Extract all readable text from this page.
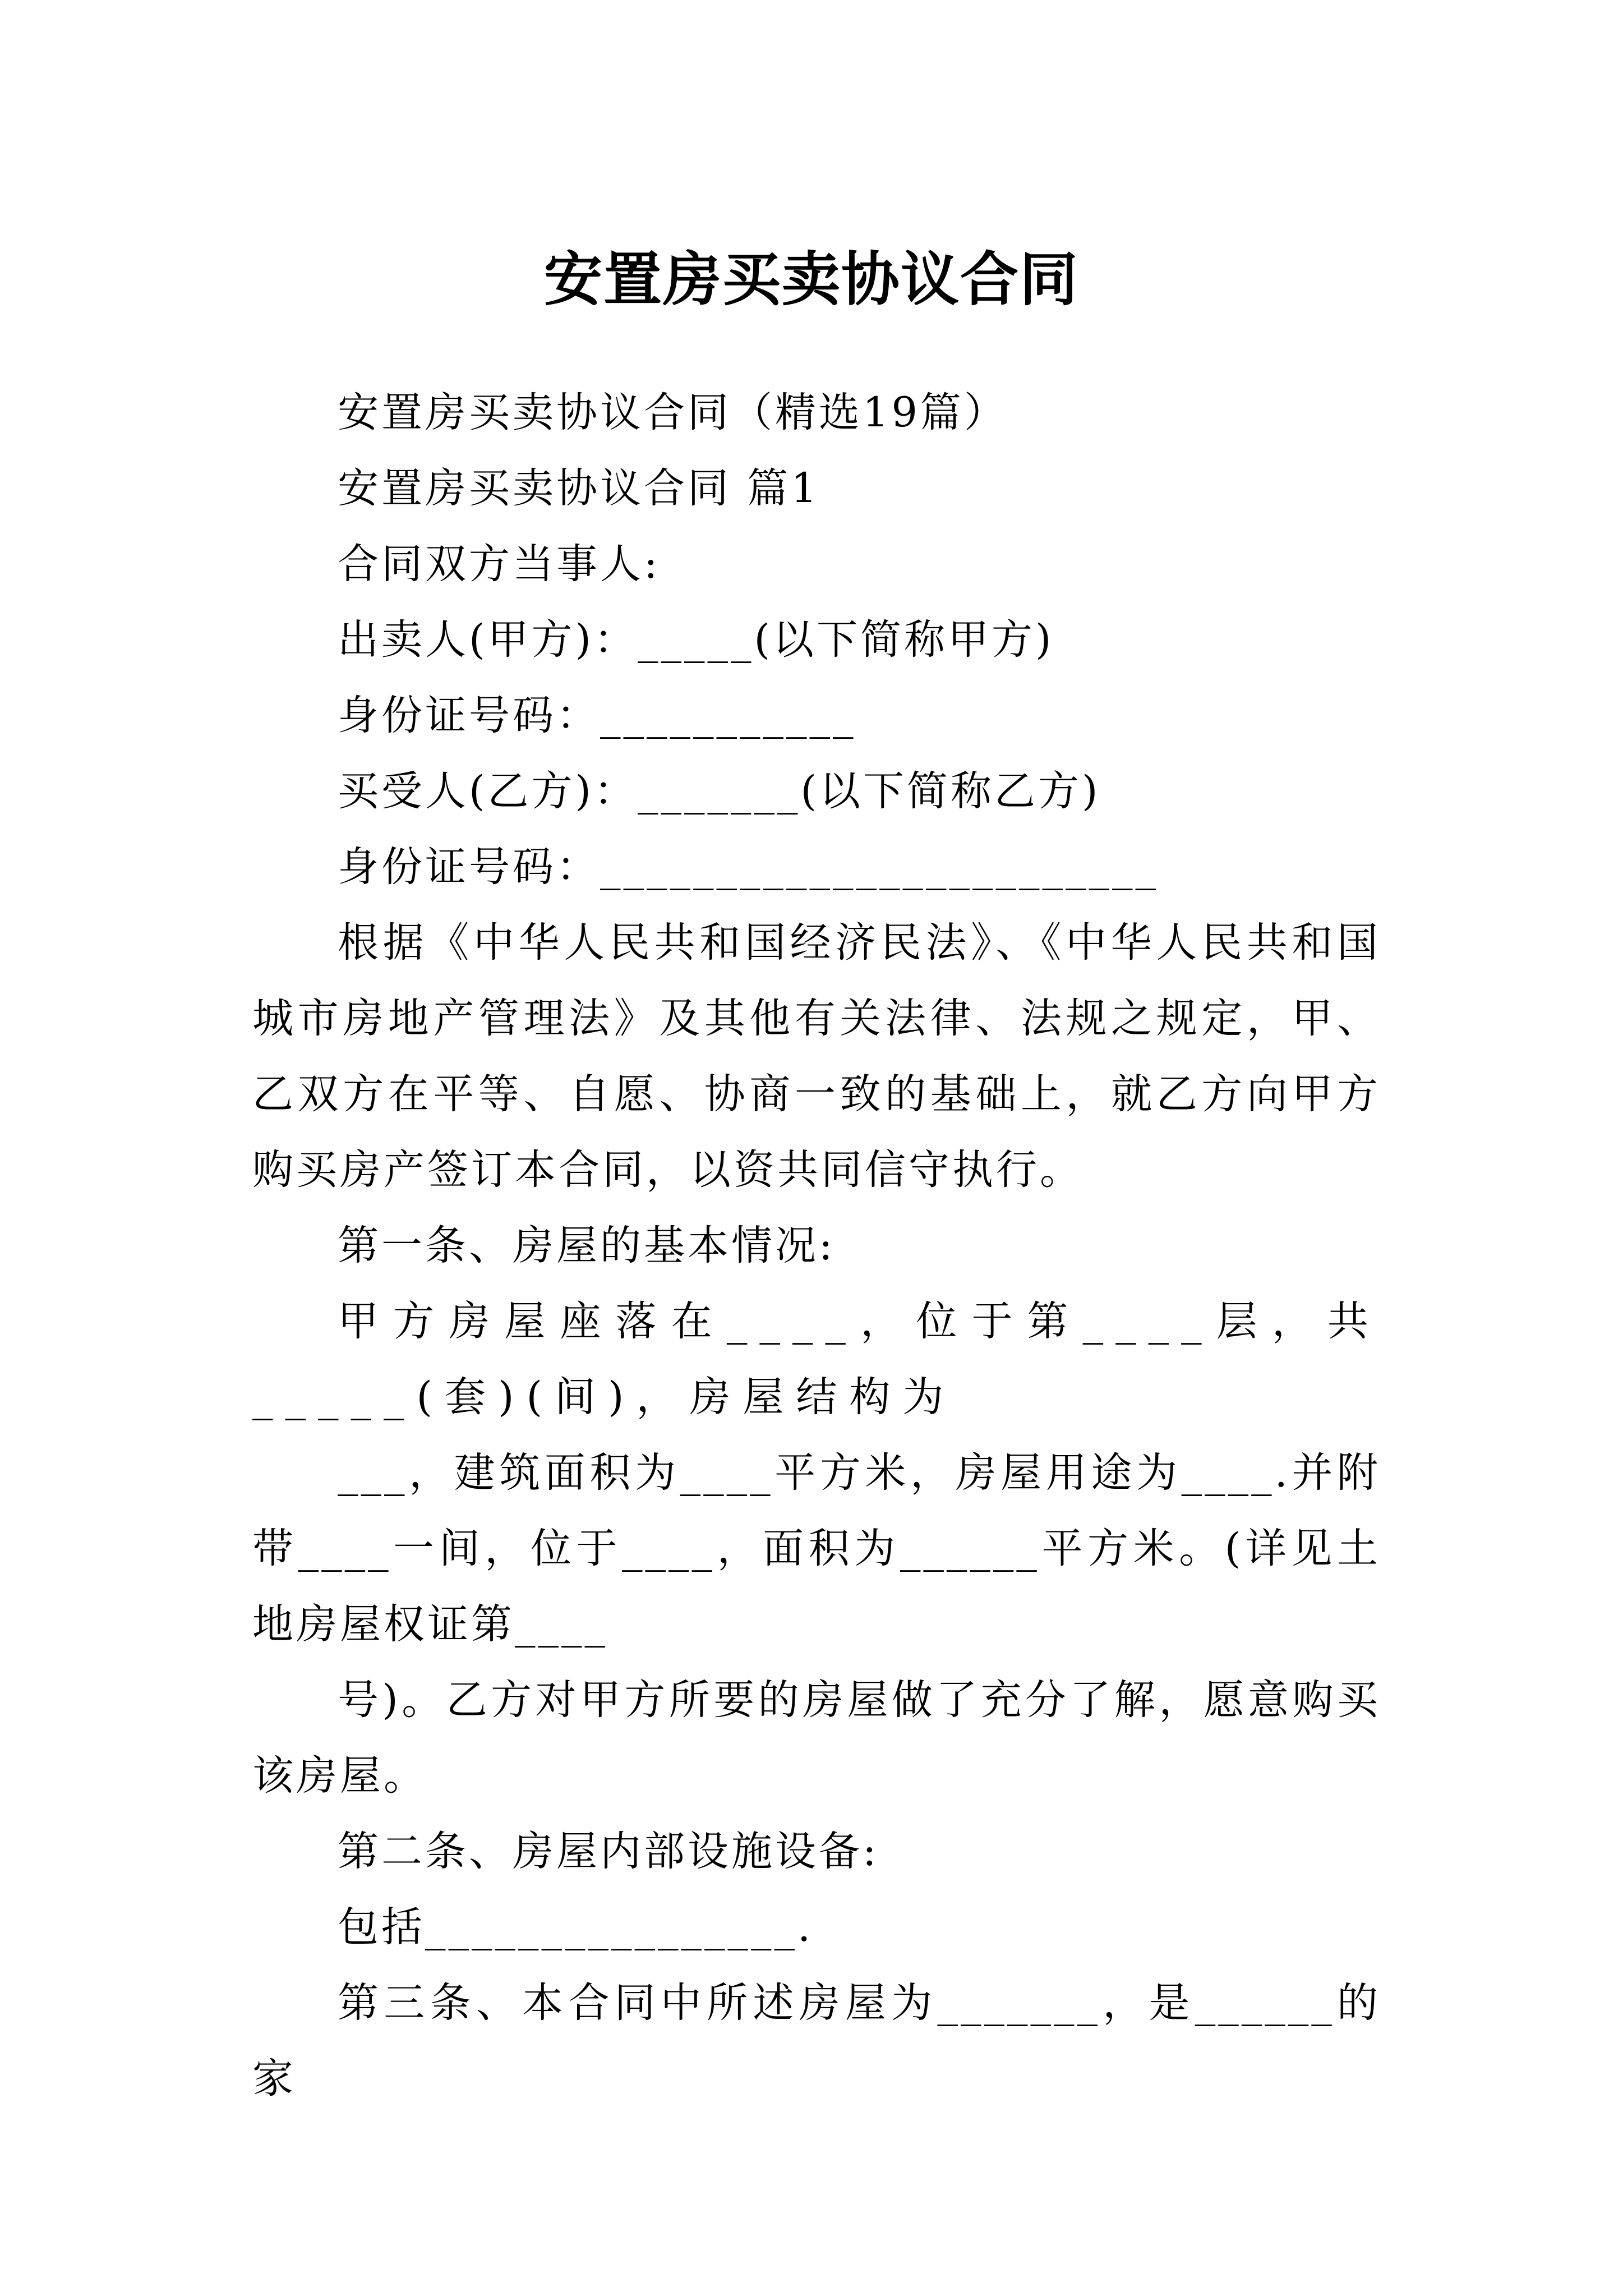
安置房买卖协议合同

安置房买卖协议合同（精选19篇）

安置房买卖协议合同 篇1

合同双方当事人:

出卖人(甲方)：_____(以下简称甲方)

身份证号码：___________

买受人(乙方)：_______(以下简称乙方)

身份证号码：________________________

根据《中华人民共和国经济民法》、《中华人民共和国城市房地产管理法》及其他有关法律、法规之规定，甲、乙双方在平等、自愿、协商一致的基础上，就乙方向甲方购买房产签订本合同，以资共同信守执行。

第一条、房屋的基本情况:

甲方房屋座落在____，位于第____层，共_____(套)(间)，房屋结构为

___，建筑面积为____平方米，房屋用途为____.并附带____一间，位于____，面积为______平方米。(详见土地房屋权证第____

号)。乙方对甲方所要的房屋做了充分了解，愿意购买该房屋。

第二条、房屋内部设施设备:

包括________________.

第三条、本合同中所述房屋为_______，是______的家
